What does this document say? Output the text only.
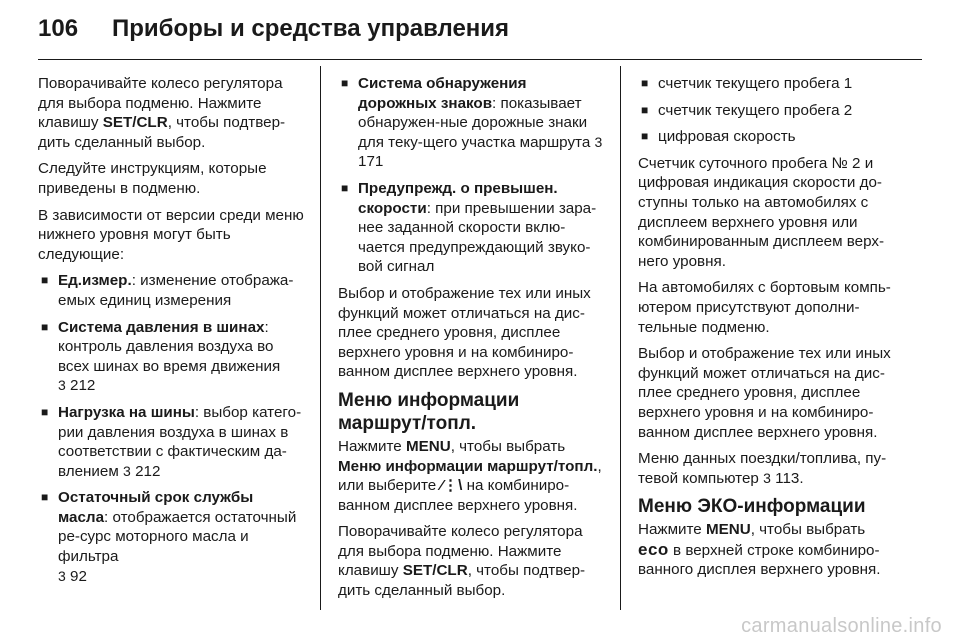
106	Приборы и средства управления

Поворачивайте колесо регулятора для выбора подменю. Нажмите клавишу SET/CLR, чтобы подтвер-дить сделанный выбор.

Следуйте инструкциям, которые приведены в подменю.

В зависимости от версии среди меню нижнего уровня могут быть следующие:

■ Ед.измер.: изменение отобража-емых единиц измерения
■ Система давления в шинах: контроль давления воздуха во всех шинах во время движения
3 212
■ Нагрузка на шины: выбор катего-рии давления воздуха в шинах в соответствии с фактическим да-влением 3 212
■ Остаточный срок службы масла: отображается остаточный ре-сурс моторного масла и фильтра
3 92
■ Система обнаружения дорожных знаков: показывает обнаружен-ные дорожные знаки для теку-щего участка маршрута 3 171
■ Предупрежд. о превышен. скорости: при превышении зара-нее заданной скорости вклю-чается предупреждающий звуко-вой сигнал

Выбор и отображение тех или иных функций может отличаться на дис-плее среднего уровня, дисплее верхнего уровня и на комбиниро-ванном дисплее верхнего уровня.

Меню информации маршрут/топл.

Нажмите MENU, чтобы выбрать Меню информации маршрут/топл., или выберите ⁄⋮\ на комбиниро-ванном дисплее верхнего уровня.

Поворачивайте колесо регулятора для выбора подменю. Нажмите клавишу SET/CLR, чтобы подтвер-дить сделанный выбор.

■ счетчик текущего пробега 1
■ счетчик текущего пробега 2
■ цифровая скорость

Счетчик суточного пробега № 2 и цифровая индикация скорости до-ступны только на автомобилях с дисплеем верхнего уровня или комбинированным дисплеем верх-него уровня.

На автомобилях с бортовым компь-ютером присутствуют дополни-тельные подменю.

Выбор и отображение тех или иных функций может отличаться на дис-плее среднего уровня, дисплее верхнего уровня и на комбиниро-ванном дисплее верхнего уровня.

Меню данных поездки/топлива, пу-тевой компьютер 3 113.

Меню ЭКО-информации

Нажмите MENU, чтобы выбрать
eco в верхней строке комбиниро-ванного дисплея верхнего уровня.

carmanualsonline.info
